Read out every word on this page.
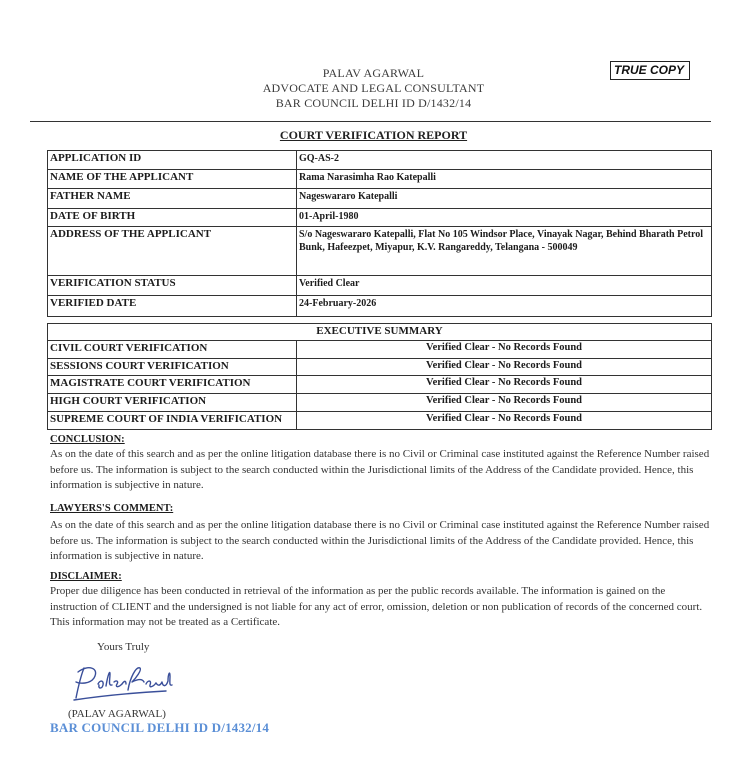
TRUE COPY
PALAV AGARWAL
ADVOCATE AND LEGAL CONSULTANT
BAR COUNCIL DELHI ID D/1432/14
COURT VERIFICATION REPORT
APPLICATION ID	GQ-AS-2
NAME OF THE APPLICANT	Rama Narasimha Rao Katepalli
FATHER NAME	Nageswararo Katepalli
DATE OF BIRTH	01-April-1980
ADDRESS OF THE APPLICANT	S/o Nageswararo Katepalli, Flat No 105 Windsor Place, Vinayak Nagar, Behind Bharath Petrol Bunk, Hafeezpet, Miyapur, K.V. Rangareddy, Telangana - 500049
VERIFICATION STATUS	Verified Clear
VERIFIED DATE	24-February-2026
EXECUTIVE SUMMARY	
CIVIL COURT VERIFICATION	Verified Clear - No Records Found
SESSIONS COURT VERIFICATION	Verified Clear - No Records Found
MAGISTRATE COURT VERIFICATION	Verified Clear - No Records Found
HIGH COURT VERIFICATION	Verified Clear - No Records Found
SUPREME COURT OF INDIA VERIFICATION	Verified Clear - No Records Found
CONCLUSION:
As on the date of this search and as per the online litigation database there is no Civil or Criminal case instituted against the Reference Number raised before us. The information is subject to the search conducted within the Jurisdictional limits of the Address of the Candidate provided. Hence, this information is subjective in nature.
LAWYERS'S COMMENT:
As on the date of this search and as per the online litigation database there is no Civil or Criminal case instituted against the Reference Number raised before us. The information is subject to the search conducted within the Jurisdictional limits of the Address of the Candidate provided. Hence, this information is subjective in nature.
DISCLAIMER:
Proper due diligence has been conducted in retrieval of the information as per the public records available. The information is gained on the instruction of CLIENT and the undersigned is not liable for any act of error, omission, deletion or non publication of records of the concerned court. This information may not be treated as a Certificate.
Yours Truly
(PALAV AGARWAL)
BAR COUNCIL DELHI ID D/1432/14
